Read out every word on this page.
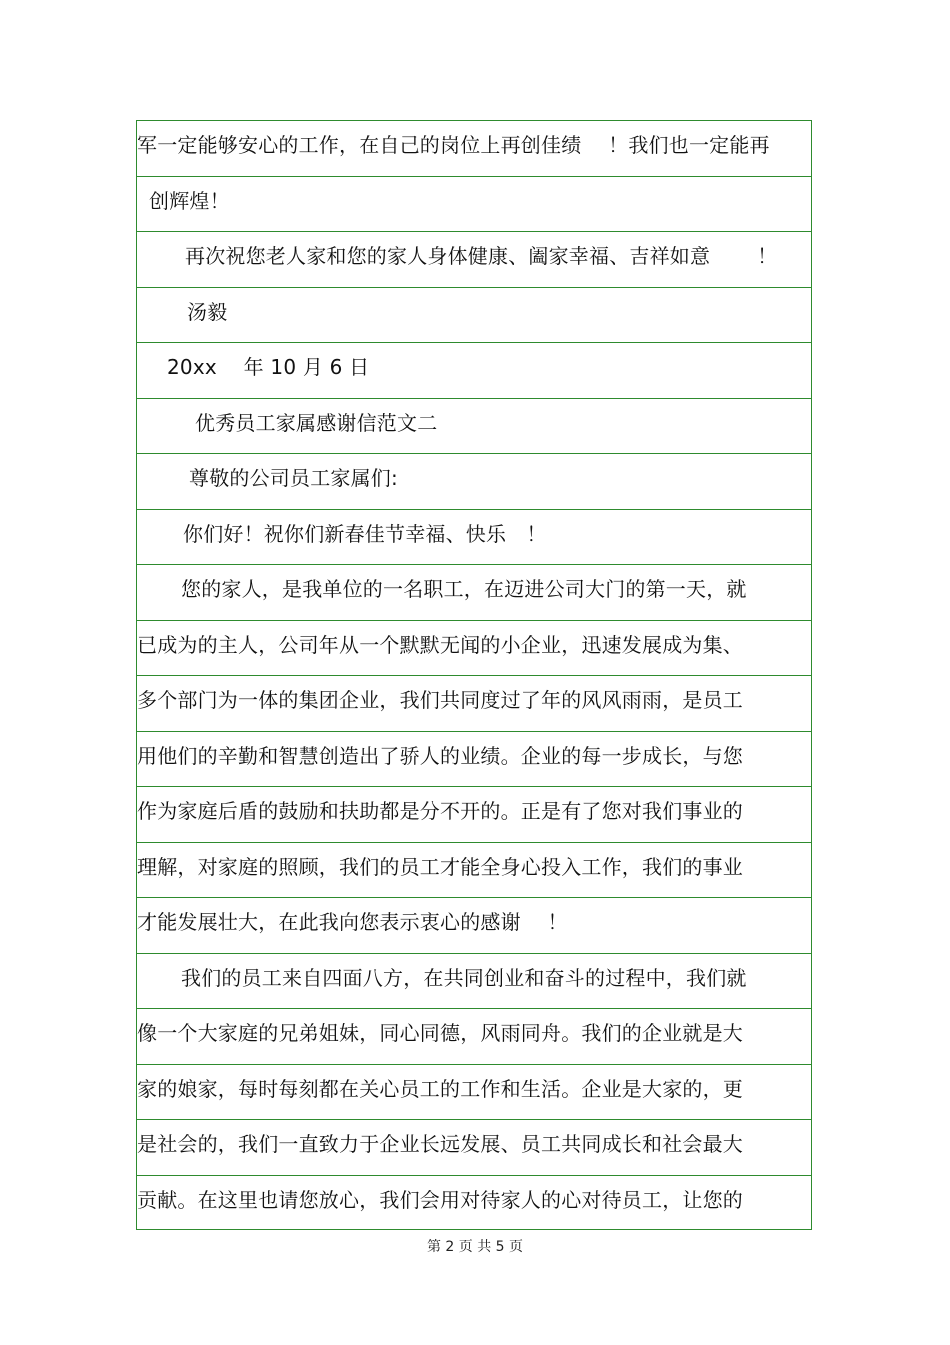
军一定能够安心的工作，在自己的岗位上再创佳绩　 ！我们也一定能再
创辉煌！
再次祝您老人家和您的家人身体健康、阖家幸福、吉祥如意　　 ！
汤毅
20xx　 年 10 月 6 日
优秀员工家属感谢信范文二
尊敬的公司员工家属们:
你们好！祝你们新春佳节幸福、快乐　！
您的家人，是我单位的一名职工，在迈进公司大门的第一天，就
已成为的主人，公司年从一个默默无闻的小企业，迅速发展成为集、
多个部门为一体的集团企业，我们共同度过了年的风风雨雨，是员工
用他们的辛勤和智慧创造出了骄人的业绩。企业的每一步成长，与您
作为家庭后盾的鼓励和扶助都是分不开的。正是有了您对我们事业的
理解，对家庭的照顾，我们的员工才能全身心投入工作，我们的事业
才能发展壮大，在此我向您表示衷心的感谢　 ！
我们的员工来自四面八方，在共同创业和奋斗的过程中，我们就
像一个大家庭的兄弟姐妹，同心同德，风雨同舟。我们的企业就是大
家的娘家，每时每刻都在关心员工的工作和生活。企业是大家的，更
是社会的，我们一直致力于企业长远发展、员工共同成长和社会最大
贡献。在这里也请您放心，我们会用对待家人的心对待员工，让您的
第 2 页 共 5 页
